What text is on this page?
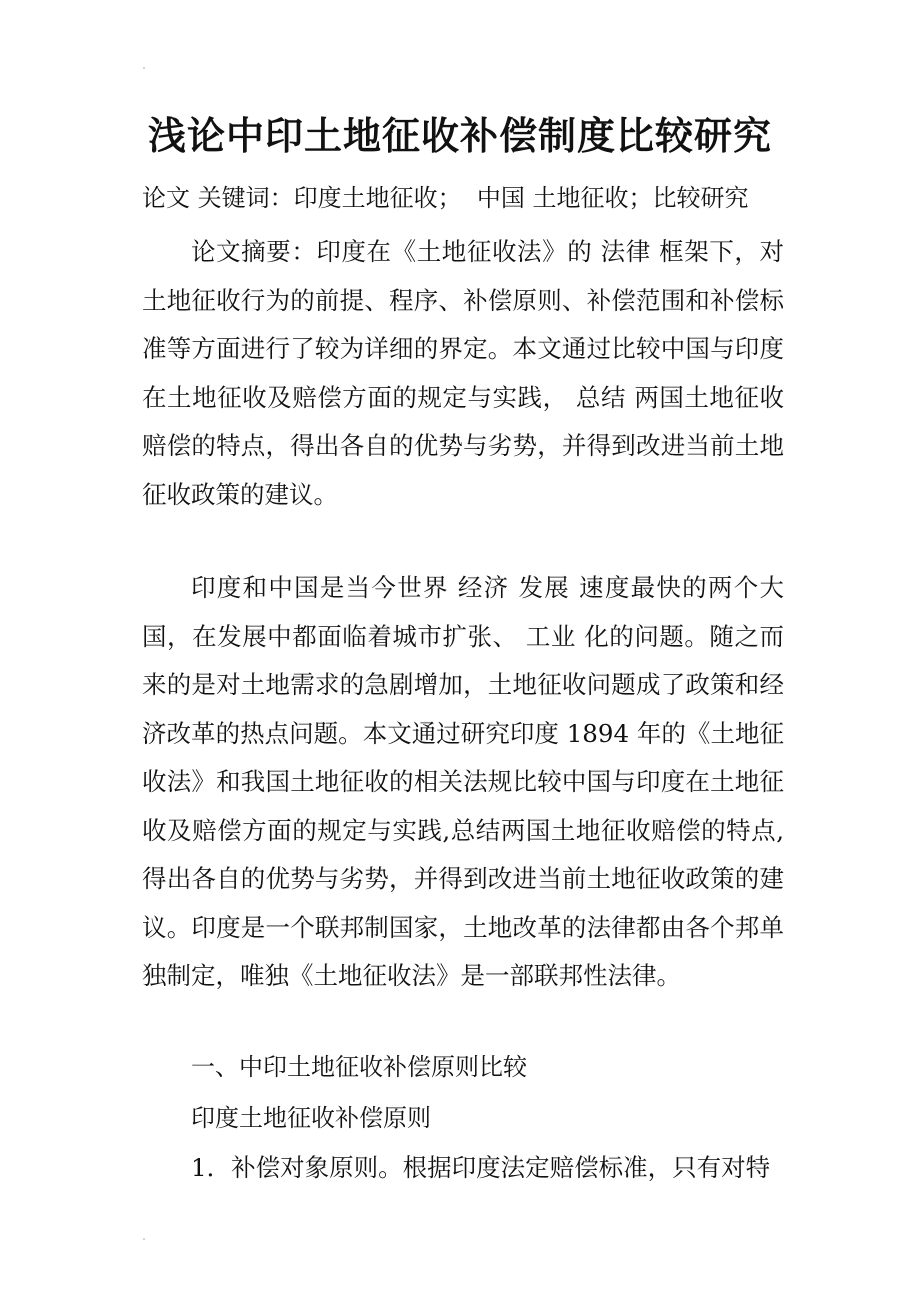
浅论中印土地征收补偿制度比较研究
论文 关键词：印度土地征收；  中国 土地征收；比较研究

论文摘要：印度在《土地征收法》的 法律 框架下，对土地征收行为的前提、程序、补偿原则、补偿范围和补偿标准等方面进行了较为详细的界定。本文通过比较中国与印度在土地征收及赔偿方面的规定与实践， 总结 两国土地征收赔偿的特点，得出各自的优势与劣势，并得到改进当前土地征收政策的建议。

印度和中国是当今世界 经济 发展 速度最快的两个大国，在发展中都面临着城市扩张、 工业 化的问题。随之而来的是对土地需求的急剧增加，土地征收问题成了政策和经济改革的热点问题。本文通过研究印度 1894 年的《土地征收法》和我国土地征收的相关法规比较中国与印度在土地征收及赔偿方面的规定与实践,总结两国土地征收赔偿的特点,得出各自的优势与劣势，并得到改进当前土地征收政策的建议。印度是一个联邦制国家，土地改革的法律都由各个邦单独制定，唯独《土地征收法》是一部联邦性法律。

一、中印土地征收补偿原则比较
印度土地征收补偿原则
1．补偿对象原则。根据印度法定赔偿标准，只有对特
